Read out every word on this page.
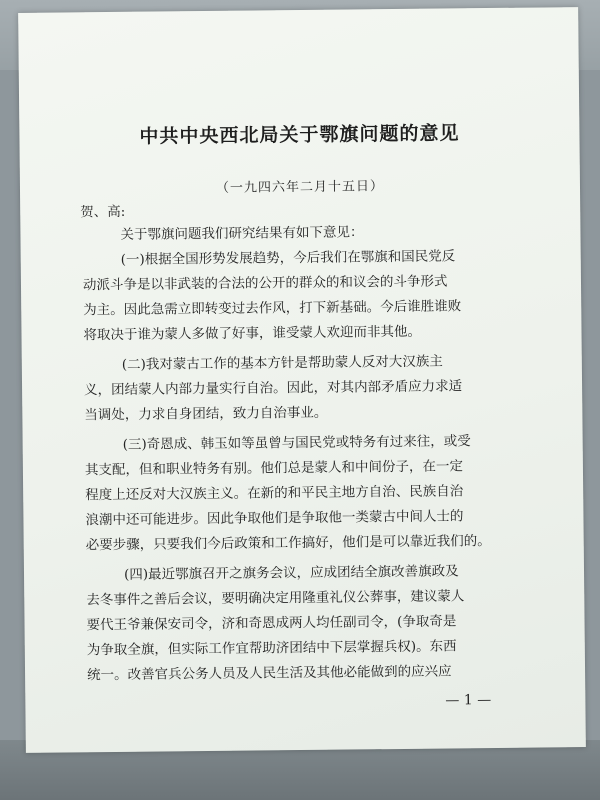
中共中央西北局关于鄂旗问题的意见
（一九四六年二月十五日）
贺、高:
关于鄂旗问题我们研究结果有如下意见：
(一)根据全国形势发展趋势，今后我们在鄂旗和国民党反
动派斗争是以非武装的合法的公开的群众的和议会的斗争形式
为主。因此急需立即转变过去作风，打下新基础。今后谁胜谁败
将取决于谁为蒙人多做了好事，谁受蒙人欢迎而非其他。
(二)我对蒙古工作的基本方针是帮助蒙人反对大汉族主
义，团结蒙人内部力量实行自治。因此，对其内部矛盾应力求适
当调处，力求自身团结，致力自治事业。
(三)奇恩成、韩玉如等虽曾与国民党或特务有过来往，或受
其支配，但和职业特务有别。他们总是蒙人和中间份子，在一定
程度上还反对大汉族主义。在新的和平民主地方自治、民族自治
浪潮中还可能进步。因此争取他们是争取他一类蒙古中间人士的
必要步骤，只要我们今后政策和工作搞好，他们是可以靠近我们的。
(四)最近鄂旗召开之旗务会议，应成团结全旗改善旗政及
去冬事件之善后会议，要明确决定用隆重礼仪公葬事，建议蒙人
要代王爷兼保安司令，济和奇恩成两人均任副司令，(争取奇是
为争取全旗，但实际工作宜帮助济团结中下层掌握兵权)。东西
统一。改善官兵公务人员及人民生活及其他必能做到的应兴应
— 1 —
